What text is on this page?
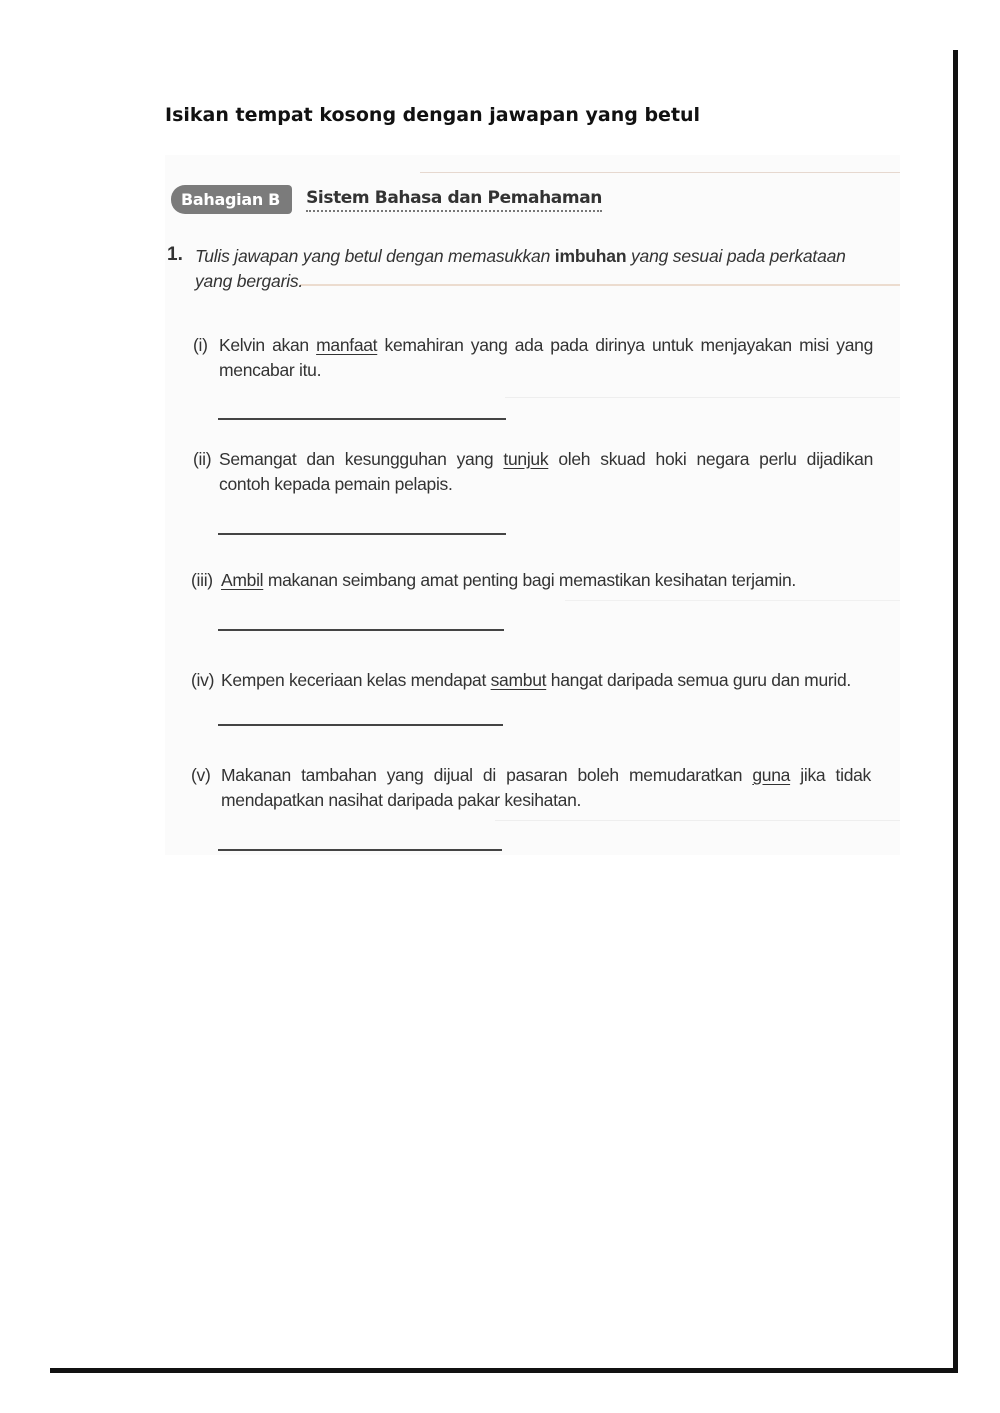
Isikan tempat kosong dengan jawapan yang betul
Bahagian B	Sistem Bahasa dan Pemahaman
1. Tulis jawapan yang betul dengan memasukkan imbuhan yang sesuai pada perkataan yang bergaris.
(i) Kelvin akan manfaat kemahiran yang ada pada dirinya untuk menjayakan misi yang mencabar itu.
(ii) Semangat dan kesungguhan yang tunjuk oleh skuad hoki negara perlu dijadikan contoh kepada pemain pelapis.
(iii) Ambil makanan seimbang amat penting bagi memastikan kesihatan terjamin.
(iv) Kempen keceriaan kelas mendapat sambut hangat daripada semua guru dan murid.
(v) Makanan tambahan yang dijual di pasaran boleh memudaratkan guna jika tidak mendapatkan nasihat daripada pakar kesihatan.
